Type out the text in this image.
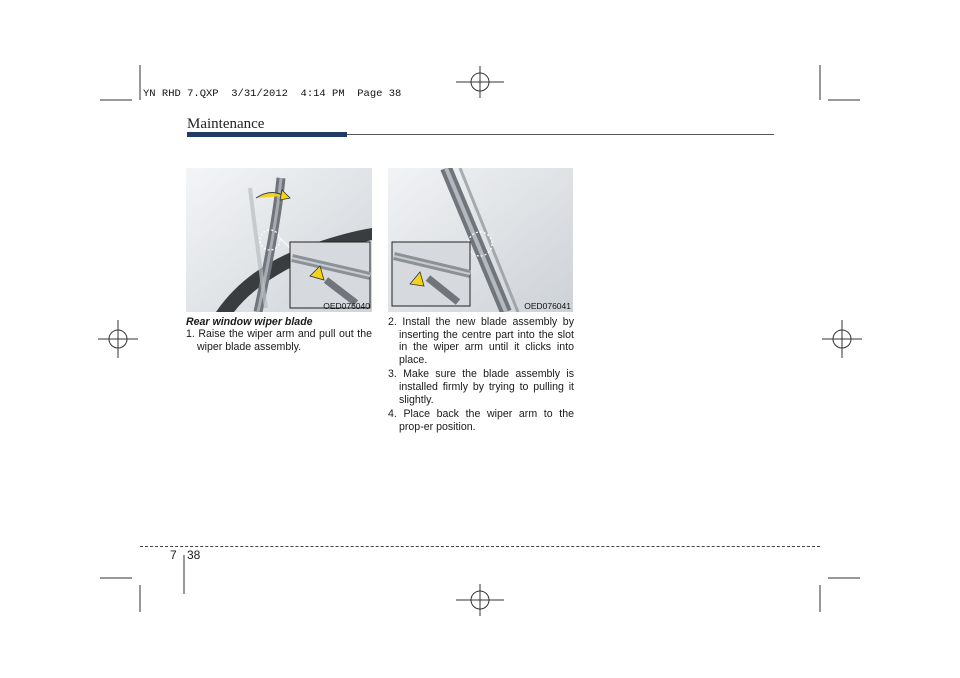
YN RHD 7.QXP  3/31/2012  4:14 PM  Page 38
Maintenance
OED076040	OED076041
Rear window wiper blade

1. Raise the wiper arm and pull out the wiper blade assembly.

2. Install the new blade assembly by inserting the centre part into the slot in the wiper arm until it clicks into place.

3. Make sure the blade assembly is installed firmly by trying to pulling it slightly.

4. Place back the wiper arm to the prop-er position.

7 38
